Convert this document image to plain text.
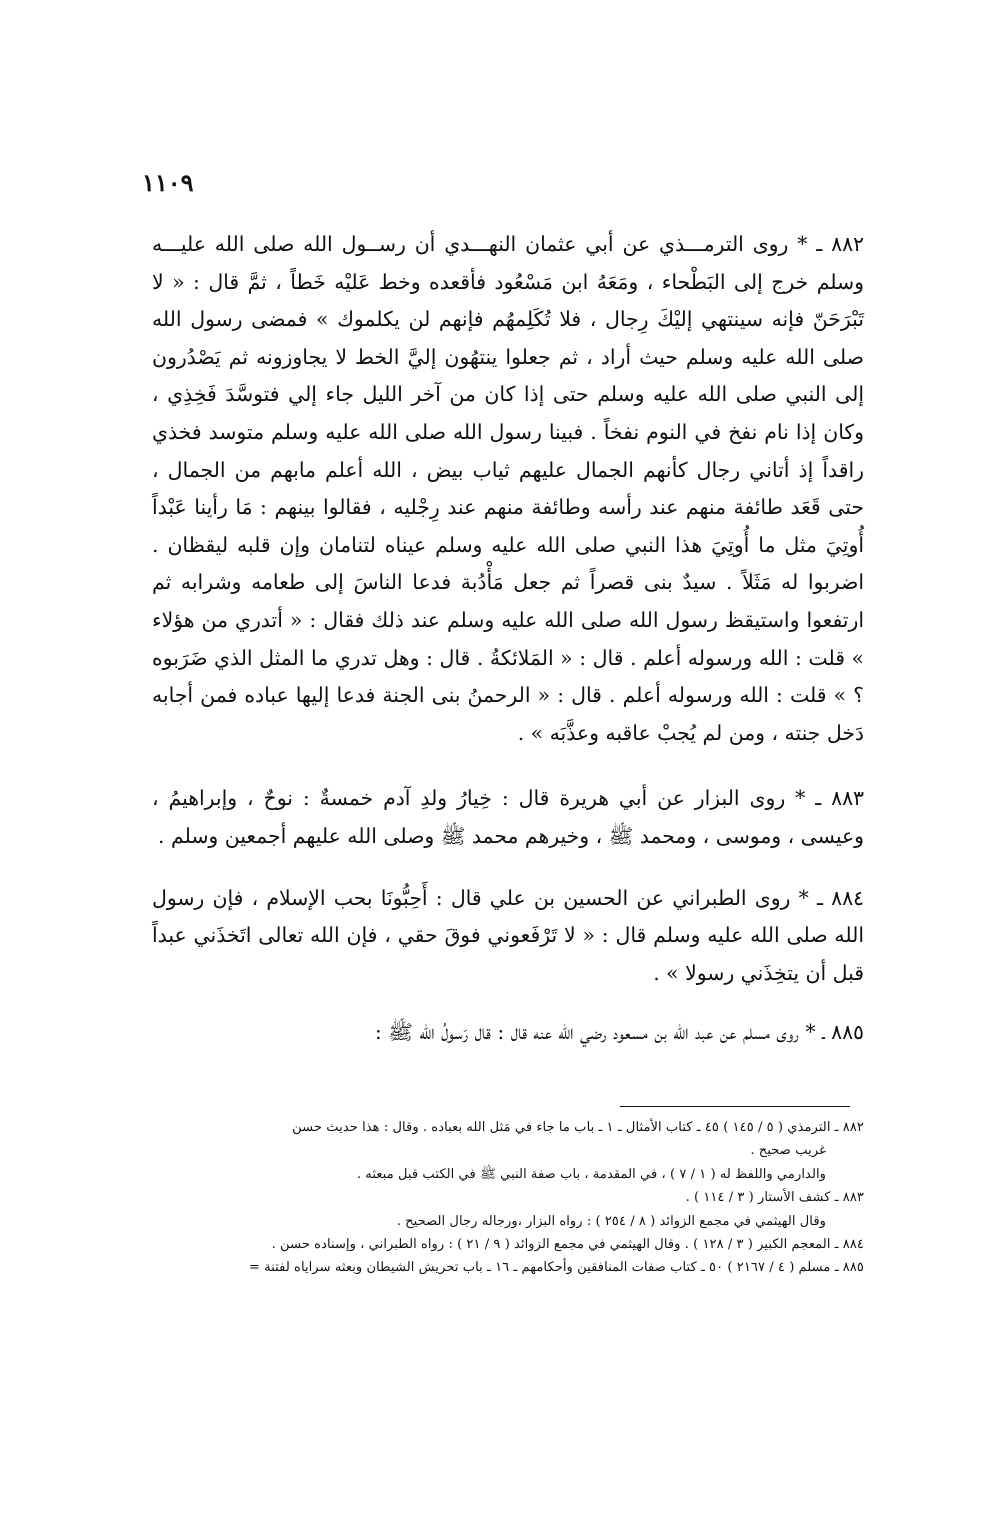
١١٠٩

٨٨٢ ـ * روى الترمـــذي عن أبي عثمان النهـــدي أن رســول الله صلى الله عليـــه وسلم خرج إلى البَطْحاء ، ومَعَهُ ابن مَسْعُود فأقعده وخط عَليْه خَطاً ، ثمَّ قال : « لا تَبْرَحَنّ فإنه سينتهي إليْكَ رِجال ، فلا تُكَلِمهُم فإنهم لن يكلموك » فمضى رسول الله صلى الله عليه وسلم حيث أراد ، ثم جعلوا ينتهُون إليَّ الخط لا يجاوزونه ثم يَصْدُرون إلى النبي صلى الله عليه وسلم حتى إذا كان من آخر الليل جاء إلي فتوسَّدَ فَخِذِي ، وكان إذا نام نفخ في النوم نفخاً . فبينا رسول الله صلى الله عليه وسلم متوسد فخذي راقداً إذ أتاني رجال كأنهم الجمال عليهم ثياب بيض ، الله أعلم مابهم من الجمال ، حتى قَعَد طائفة منهم عند رأسه وطائفة منهم عند رِجْليه ، فقالوا بينهم : مَا رأينا عَبْداً أُوتِيَ مثل ما أُوتِيَ هذا النبي صلى الله عليه وسلم عيناه لتنامان وإن قلبه ليقظان . اضربوا له مَثَلاً . سيدٌ بنى قصراً ثم جعل مَأْدُبة فدعا الناسَ إلى طعامه وشرابه ثم ارتفعوا واستيقظ رسول الله صلى الله عليه وسلم عند ذلك فقال : « أتدري من هؤلاء » قلت : الله ورسوله أعلم . قال : « المَلائكةُ . قال : وهل تدري ما المثل الذي ضَرَبوه ؟ » قلت : الله ورسوله أعلم . قال : « الرحمنُ بنى الجنة فدعا إليها عباده فمن أجابه دَخل جنته ، ومن لم يُجبْ عاقبه وعذَّبَه » .

٨٨٣ ـ * روى البزار عن أبي هريرة قال : خِيارُ ولدِ آدم خمسةٌ : نوحٌ ، وإبراهيمُ ، وعيسى ، وموسى ، ومحمد ﷺ ، وخيرهم محمد ﷺ وصلى الله عليهم أجمعين وسلم .

٨٨٤ ـ * روى الطبراني عن الحسين بن علي قال : أَحِبُّونَا بحب الإسلام ، فإن رسول الله صلى الله عليه وسلم قال : « لا تَرْفَعوني فوقَ حقي ، فإن الله تعالى اتَخذَني عبداً قبل أن يتخِذَني رسولا » .

٨٨٥ ـ * روى مسلم عن عبد الله بن مسعود رضي الله عنه قال : قال رَسولُ الله ﷺ :

٨٨٢ ـ الترمذي ( ٥ / ١٤٥ ) ٤٥ ـ كتاب الأمثال ـ ١ ـ باب ما جاء في مَثل الله بعباده . وقال : هذا حديث حسن
غريب صحيح .
والدارمي واللفظ له ( ١ / ٧ ) ، في المقدمة ، باب صفة النبي ﷺ في الكتب قبل مبعثه .
٨٨٣ ـ كشف الأستار ( ٣ / ١١٤ ) .
وقال الهيثمي في مجمع الزوائد ( ٨ / ٢٥٤ ) : رواه البزار ،ورجاله رجال الصحيح .
٨٨٤ ـ المعجم الكبير ( ٣ / ١٢٨ ) . وقال الهيثمي في مجمع الزوائد ( ٩ / ٢١ ) : رواه الطبراني ، وإسناده حسن .
٨٨٥ ـ مسلم ( ٤ / ٢١٦٧ ) ٥٠ ـ كتاب صفات المنافقين وأحكامهم ـ ١٦ ـ باب تحريش الشيطان وبعثه سراياه لفتنة =
